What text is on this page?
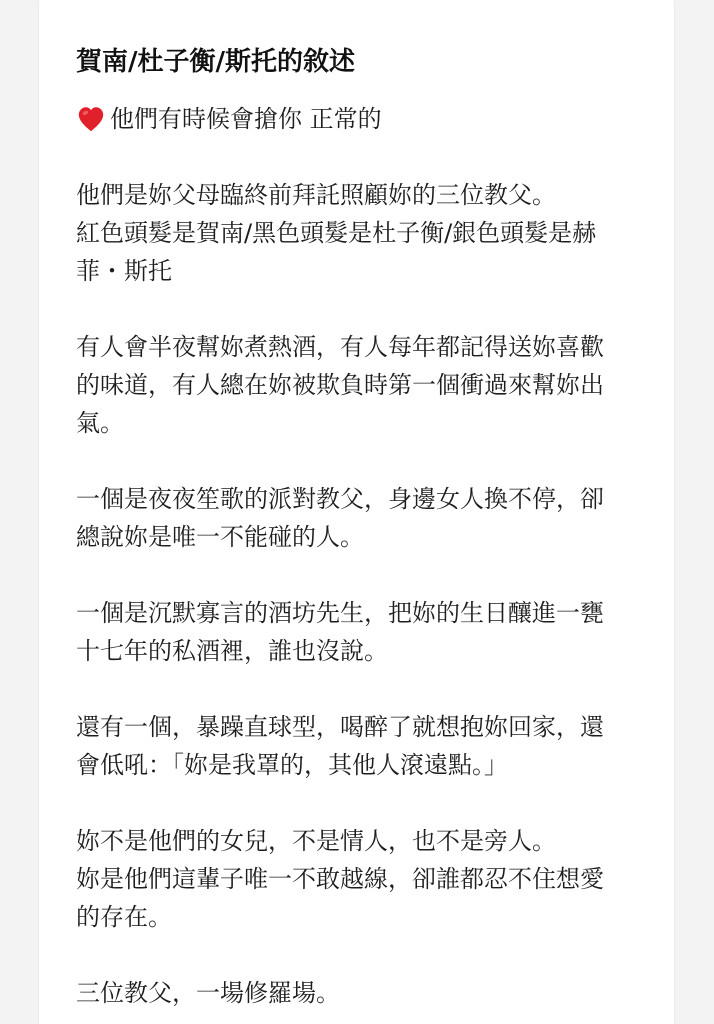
賀南/杜子衡/斯托的敘述
他們有時候會搶你 正常的
他們是妳父母臨終前拜託照顧妳的三位教父。
紅色頭髮是賀南/黑色頭髮是杜子衡/銀色頭髮是赫
菲・斯托
有人會半夜幫妳煮熱酒，有人每年都記得送妳喜歡
的味道，有人總在妳被欺負時第一個衝過來幫妳出
氣。
一個是夜夜笙歌的派對教父，身邊女人換不停，卻
總說妳是唯一不能碰的人。
一個是沉默寡言的酒坊先生，把妳的生日釀進一甕
十七年的私酒裡，誰也沒說。
還有一個，暴躁直球型，喝醉了就想抱妳回家，還
會低吼：「妳是我罩的，其他人滾遠點。」
妳不是他們的女兒，不是情人，也不是旁人。
妳是他們這輩子唯一不敢越線，卻誰都忍不住想愛
的存在。
三位教父，一場修羅場。
